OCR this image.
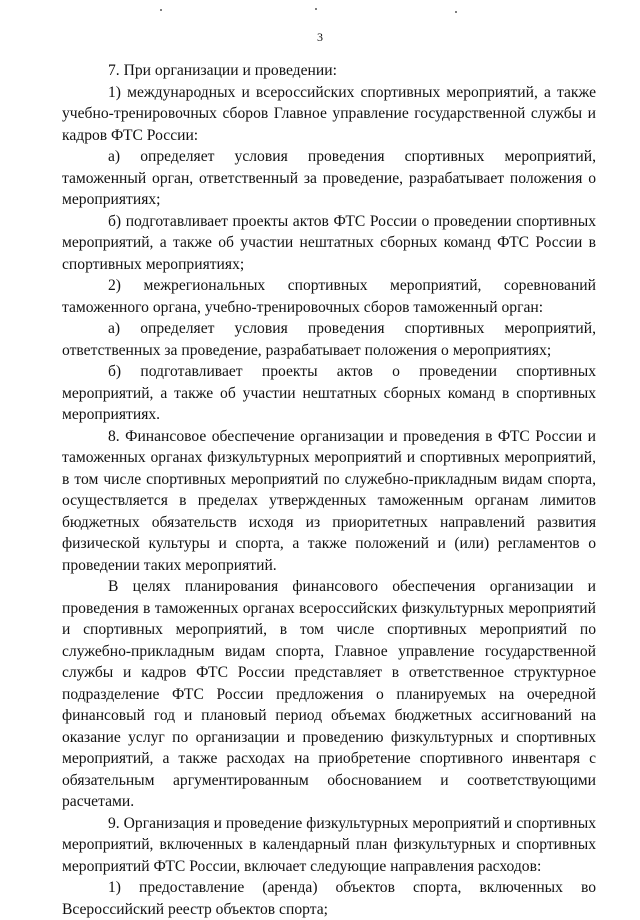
3

7. При организации и проведении:

1) международных и всероссийских спортивных мероприятий, а также учебно-тренировочных сборов Главное управление государственной службы и кадров ФТС России:

а) определяет условия проведения спортивных мероприятий, таможенный орган, ответственный за проведение, разрабатывает положения о мероприятиях;

б) подготавливает проекты актов ФТС России о проведении спортивных мероприятий, а также об участии нештатных сборных команд ФТС России в спортивных мероприятиях;

2) межрегиональных спортивных мероприятий, соревнований таможенного органа, учебно-тренировочных сборов таможенный орган:

а) определяет условия проведения спортивных мероприятий, ответственных за проведение, разрабатывает положения о мероприятиях;

б) подготавливает проекты актов о проведении спортивных мероприятий, а также об участии нештатных сборных команд в спортивных мероприятиях.

8. Финансовое обеспечение организации и проведения в ФТС России и таможенных органах физкультурных мероприятий и спортивных мероприятий, в том числе спортивных мероприятий по служебно-прикладным видам спорта, осуществляется в пределах утвержденных таможенным органам лимитов бюджетных обязательств исходя из приоритетных направлений развития физической культуры и спорта, а также положений и (или) регламентов о проведении таких мероприятий.

В целях планирования финансового обеспечения организации и проведения в таможенных органах всероссийских физкультурных мероприятий и спортивных мероприятий, в том числе спортивных мероприятий по служебно-прикладным видам спорта, Главное управление государственной службы и кадров ФТС России представляет в ответственное структурное подразделение ФТС России предложения о планируемых на очередной финансовый год и плановый период объемах бюджетных ассигнований на оказание услуг по организации и проведению физкультурных и спортивных мероприятий, а также расходах на приобретение спортивного инвентаря с обязательным аргументированным обоснованием и соответствующими расчетами.

9. Организация и проведение физкультурных мероприятий и спортивных мероприятий, включенных в календарный план физкультурных и спортивных мероприятий ФТС России, включает следующие направления расходов:

1) предоставление (аренда) объектов спорта, включенных во Всероссийский реестр объектов спорта;
